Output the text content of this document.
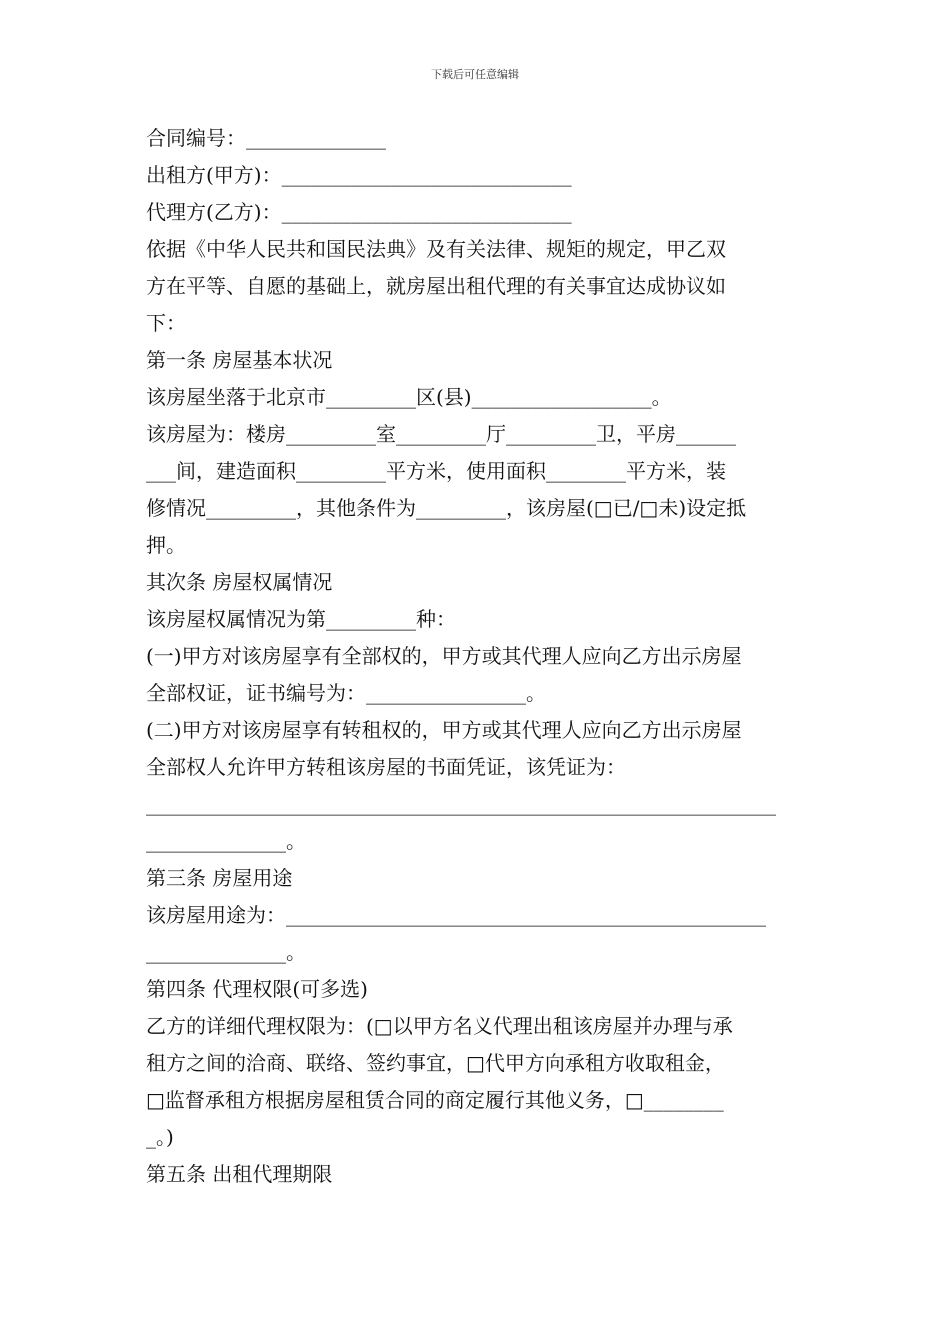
下载后可任意编辑
合同编号：______________
出租方(甲方)：_____________________________
代理方(乙方)：_____________________________
依据《中华人民共和国民法典》及有关法律、规矩的规定，甲乙双
方在平等、自愿的基础上，就房屋出租代理的有关事宜达成协议如
下：
第一条 房屋基本状况
该房屋坐落于北京市_________区(县)__________________。
该房屋为：楼房_________室_________厅_________卫，平房______
___间，建造面积_________平方米，使用面积________平方米，装
修情况_________，其他条件为_________，该房屋(□已/□未)设定抵
押。
其次条 房屋权属情况
该房屋权属情况为第_________种：
(一)甲方对该房屋享有全部权的，甲方或其代理人应向乙方出示房屋
全部权证，证书编号为：________________。
(二)甲方对该房屋享有转租权的，甲方或其代理人应向乙方出示房屋
全部权人允许甲方转租该房屋的书面凭证，该凭证为：
_______________________________________________________________
______________。
第三条 房屋用途
该房屋用途为：________________________________________________
______________。
第四条 代理权限(可多选)
乙方的详细代理权限为：(□以甲方名义代理出租该房屋并办理与承
租方之间的洽商、联络、签约事宜，□代甲方向承租方收取租金，
□监督承租方根据房屋租赁合同的商定履行其他义务，□________
_。)
第五条 出租代理期限
